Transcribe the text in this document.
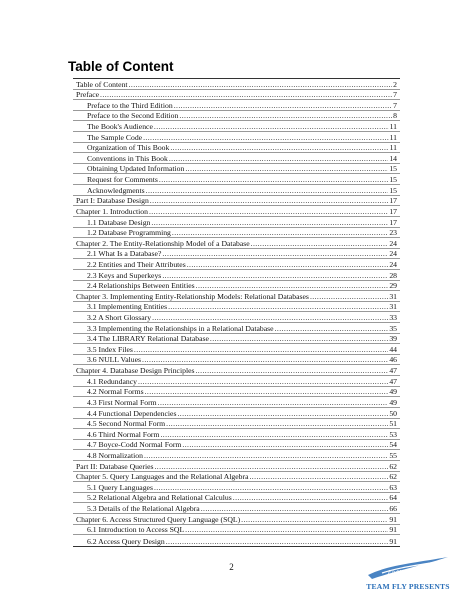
Table of Content
Table of Content .....	2
Preface .....	7
Preface to the Third Edition .....	7
Preface to the Second Edition .....	8
The Book's Audience .....	11
The Sample Code .....	11
Organization of This Book .....	11
Conventions in This Book .....	14
Obtaining Updated Information .....	15
Request for Comments .....	15
Acknowledgments .....	15
Part I: Database Design .....	17
Chapter 1. Introduction .....	17
1.1 Database Design .....	17
1.2 Database Programming .....	23
Chapter 2. The Entity-Relationship Model of a Database .....	24
2.1 What Is a Database? .....	24
2.2 Entities and Their Attributes .....	24
2.3 Keys and Superkeys .....	28
2.4 Relationships Between Entities .....	29
Chapter 3. Implementing Entity-Relationship Models: Relational Databases .....	31
3.1 Implementing Entities .....	31
3.2 A Short Glossary .....	33
3.3 Implementing the Relationships in a Relational Database .....	35
3.4 The LIBRARY Relational Database .....	39
3.5 Index Files .....	44
3.6 NULL Values .....	46
Chapter 4. Database Design Principles .....	47
4.1 Redundancy .....	47
4.2 Normal Forms .....	49
4.3 First Normal Form .....	49
4.4 Functional Dependencies .....	50
4.5 Second Normal Form .....	51
4.6 Third Normal Form .....	53
4.7 Boyce-Codd Normal Form .....	54
4.8 Normalization .....	55
Part II: Database Queries .....	62
Chapter 5. Query Languages and the Relational Algebra .....	62
5.1 Query Languages .....	63
5.2 Relational Algebra and Relational Calculus .....	64
5.3 Details of the Relational Algebra .....	66
Chapter 6. Access Structured Query Language (SQL) .....	91
6.1 Introduction to Access SQL .....	91
6.2 Access Query Design .....	91
2
FlyHeart.com
TEAM FLY PRESENTS
